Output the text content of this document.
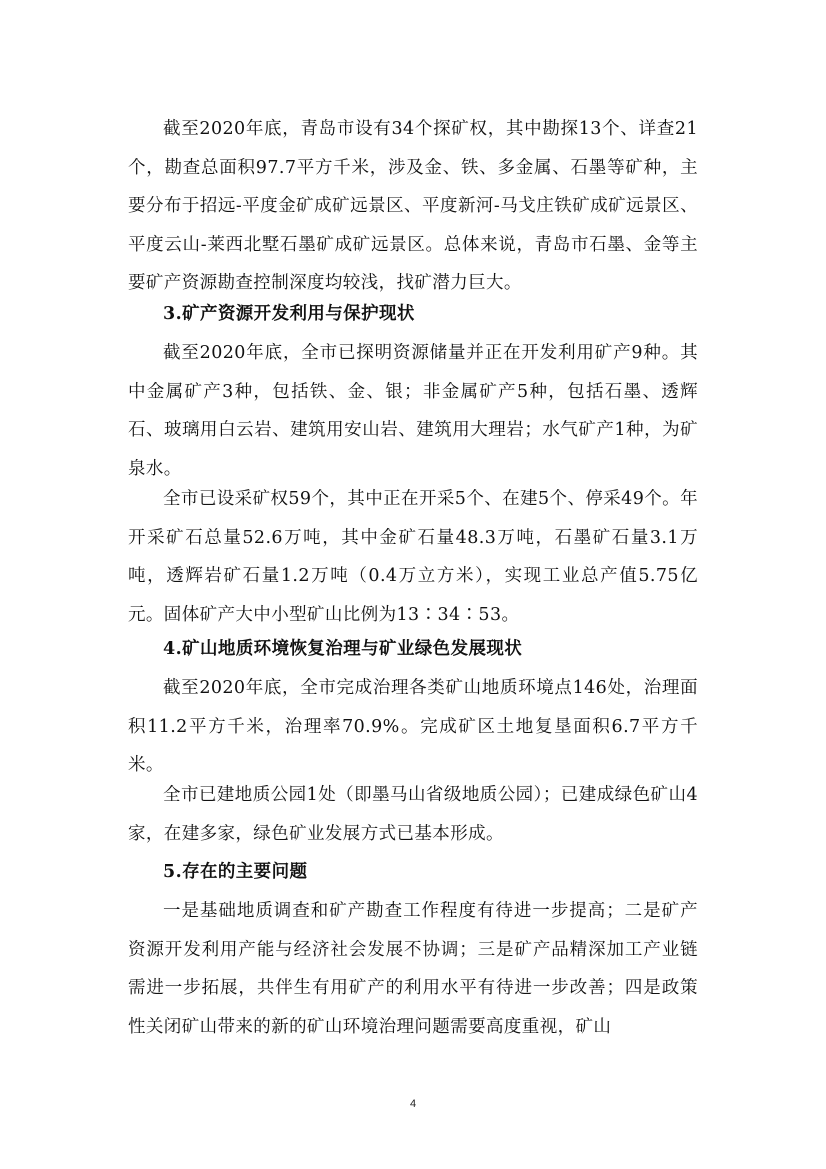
截至2020年底，青岛市设有34个探矿权，其中勘探13个、详查21个，勘查总面积97.7平方千米，涉及金、铁、多金属、石墨等矿种，主要分布于招远-平度金矿成矿远景区、平度新河-马戈庄铁矿成矿远景区、平度云山-莱西北墅石墨矿成矿远景区。总体来说，青岛市石墨、金等主要矿产资源勘查控制深度均较浅，找矿潜力巨大。

3.矿产资源开发利用与保护现状

截至2020年底，全市已探明资源储量并正在开发利用矿产9种。其中金属矿产3种，包括铁、金、银；非金属矿产5种，包括石墨、透辉石、玻璃用白云岩、建筑用安山岩、建筑用大理岩；水气矿产1种，为矿泉水。

全市已设采矿权59个，其中正在开采5个、在建5个、停采49个。年开采矿石总量52.6万吨，其中金矿石量48.3万吨，石墨矿石量3.1万吨，透辉岩矿石量1.2万吨（0.4万立方米），实现工业总产值5.75亿元。固体矿产大中小型矿山比例为13∶34∶53。

4.矿山地质环境恢复治理与矿业绿色发展现状

截至2020年底，全市完成治理各类矿山地质环境点146处，治理面积11.2平方千米，治理率70.9%。完成矿区土地复垦面积6.7平方千米。

全市已建地质公园1处（即墨马山省级地质公园）；已建成绿色矿山4家，在建多家，绿色矿业发展方式已基本形成。

5.存在的主要问题

一是基础地质调查和矿产勘查工作程度有待进一步提高；二是矿产资源开发利用产能与经济社会发展不协调；三是矿产品精深加工产业链需进一步拓展，共伴生有用矿产的利用水平有待进一步改善；四是政策性关闭矿山带来的新的矿山环境治理问题需要高度重视，矿山

4
